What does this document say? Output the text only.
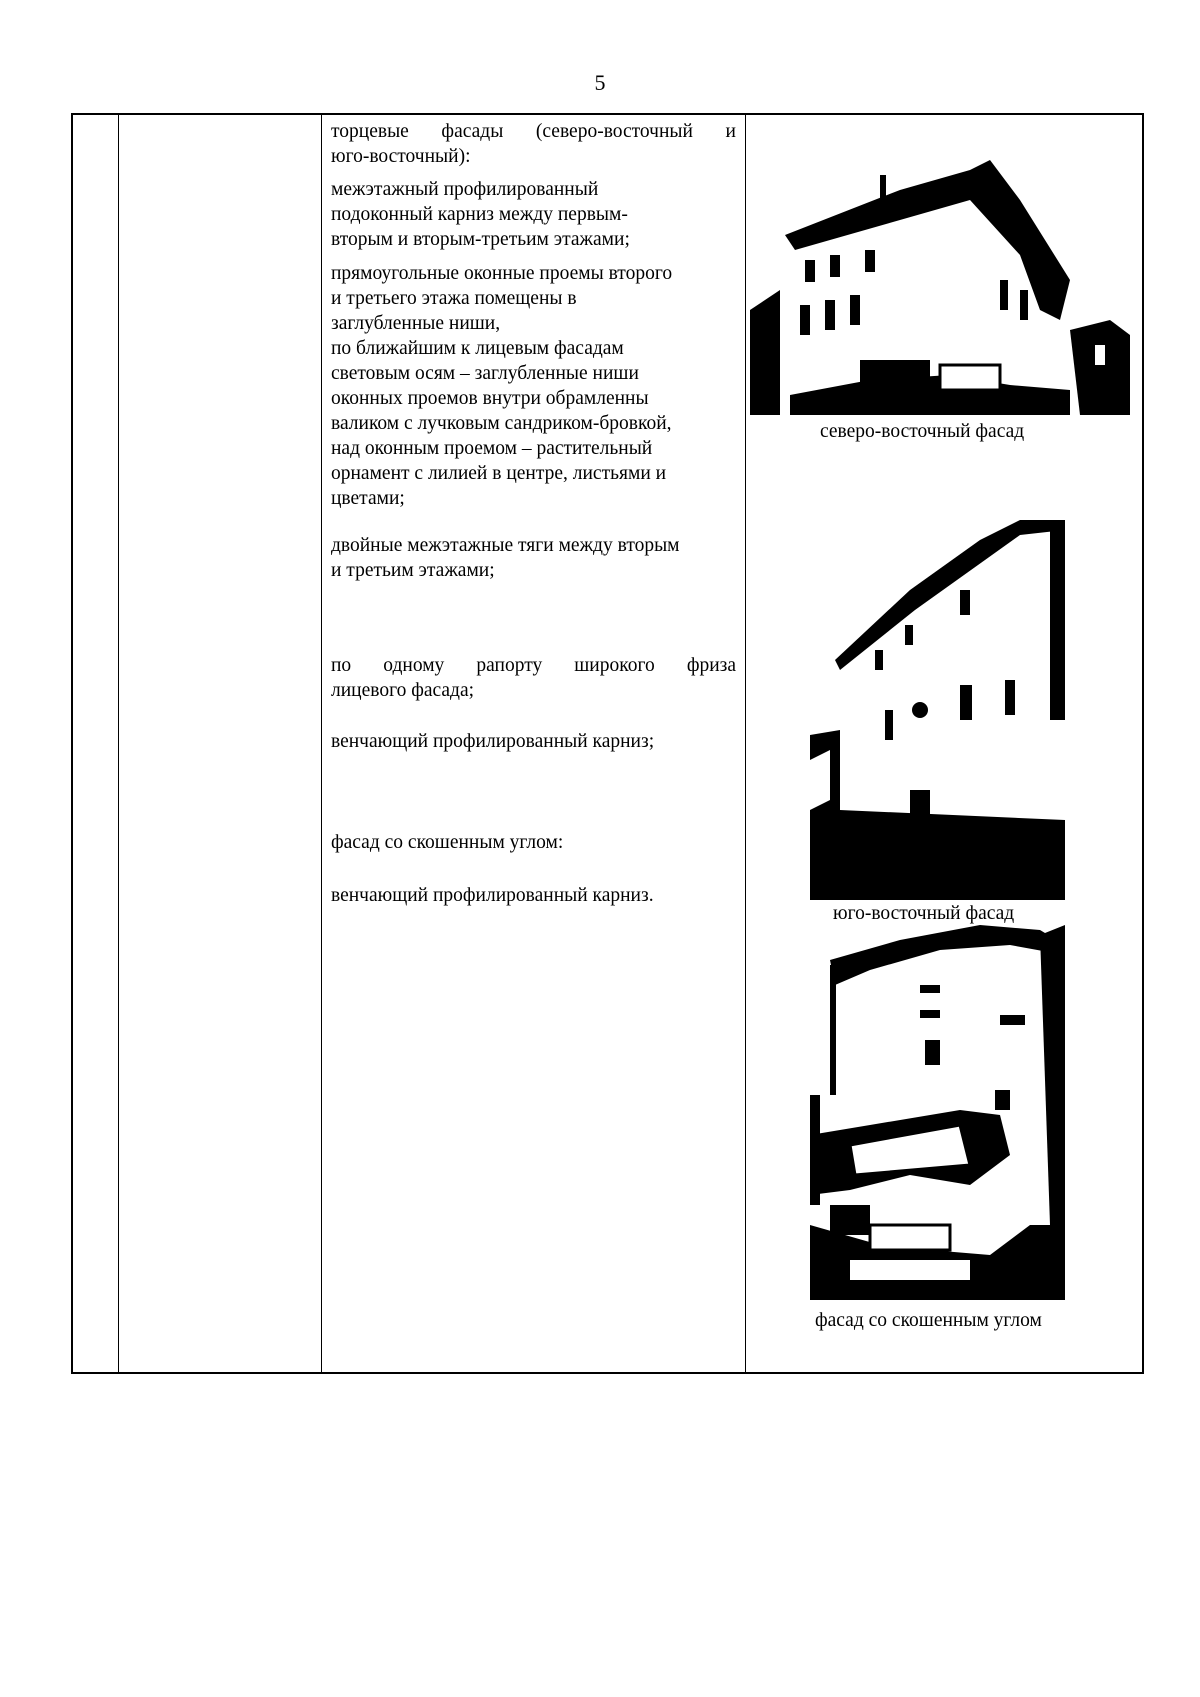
5
торцевые фасады (северо-восточный и
юго-восточный):
межэтажный профилированный
подоконный карниз между первым-
вторым и вторым-третьим этажами;
прямоугольные оконные проемы второго
и третьего этажа помещены в
заглубленные ниши,
по ближайшим к лицевым фасадам
световым осям – заглубленные ниши
оконных проемов внутри обрамленны
валиком с лучковым сандриком-бровкой,
над оконным проемом – растительный
орнамент с лилией в центре, листьями и
цветами;
двойные межэтажные тяги между вторым
и третьим этажами;
по одному рапорту широкого фриза
лицевого фасада;
венчающий профилированный карниз;
фасад со скошенным углом:
венчающий профилированный карниз.
северо-восточный фасад
юго-восточный фасад
фасад со скошенным углом
